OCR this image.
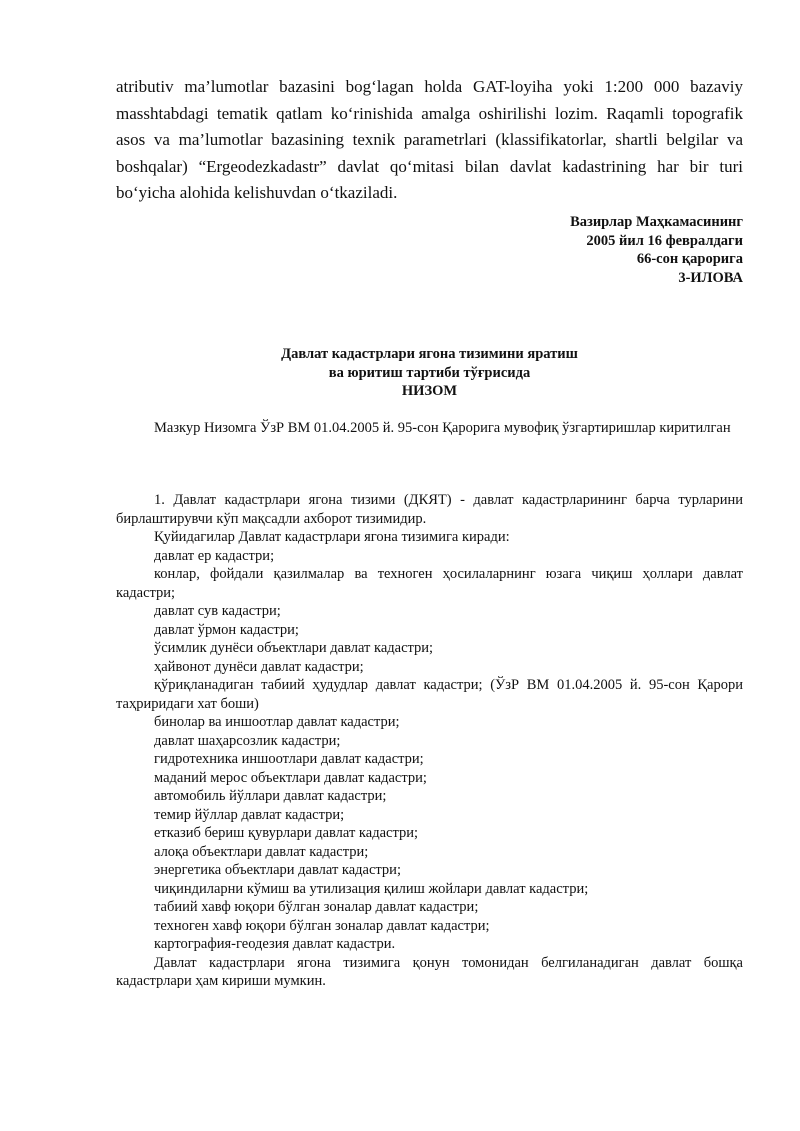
atributiv ma’lumotlar bazasini bog‘lagan holda GAT-loyiha yoki 1:200 000 bazaviy masshtabdagi tematik qatlam ko‘rinishida amalga oshirilishi lozim. Raqamli topografik asos va ma’lumotlar bazasining texnik parametrlari (klassifikatorlar, shartli belgilar va boshqalar) “Ergeodezkadastr” davlat qo‘mitasi bilan davlat kadastrining har bir turi bo‘yicha alohida kelishuvdan o‘tkaziladi.

Вазирлар Маҳкамасининг
2005 йил 16 февралдаги
66-сон қарорига
3-ИЛОВА
Давлат кадастрлари ягона тизимини яратиш
ва юритиш тартиби тўғрисида
НИЗОМ

Мазкур Низомга ЎзР ВМ 01.04.2005 й. 95-сон Қарорига мувофиқ ўзгартиришлар киритилган

1. Давлат кадастрлари ягона тизими (ДКЯТ) - давлат кадастрларининг барча турларини бирлаштирувчи кўп мақсадли ахборот тизимидир.

Қуйидагилар Давлат кадастрлари ягона тизимига киради:

давлат ер кадастри;
конлар, фойдали қазилмалар ва техноген ҳосилаларнинг юзага чиқиш ҳоллари давлат кадастри;
давлат сув кадастри;
давлат ўрмон кадастри;
ўсимлик дунёси объектлари давлат кадастри;
ҳайвонот дунёси давлат кадастри;
қўриқланадиган табиий ҳудудлар давлат кадастри; (ЎзР ВМ 01.04.2005 й. 95-сон Қарори таҳриридаги хат боши)
бинолар ва иншоотлар давлат кадастри;
давлат шаҳарсозлик кадастри;
гидротехника иншоотлари давлат кадастри;
маданий мерос объектлари давлат кадастри;
автомобиль йўллари давлат кадастри;
темир йўллар давлат кадастри;
етказиб бериш қувурлари давлат кадастри;
алоқа объектлари давлат кадастри;
энергетика объектлари давлат кадастри;
чиқиндиларни кўмиш ва утилизация қилиш жойлари давлат кадастри;
табиий хавф юқори бўлган зоналар давлат кадастри;
техноген хавф юқори бўлган зоналар давлат кадастри;
картография-геодезия давлат кадастри.

Давлат кадастрлари ягона тизимига қонун томонидан белгиланадиган давлат бошқа кадастрлари ҳам кириши мумкин.
